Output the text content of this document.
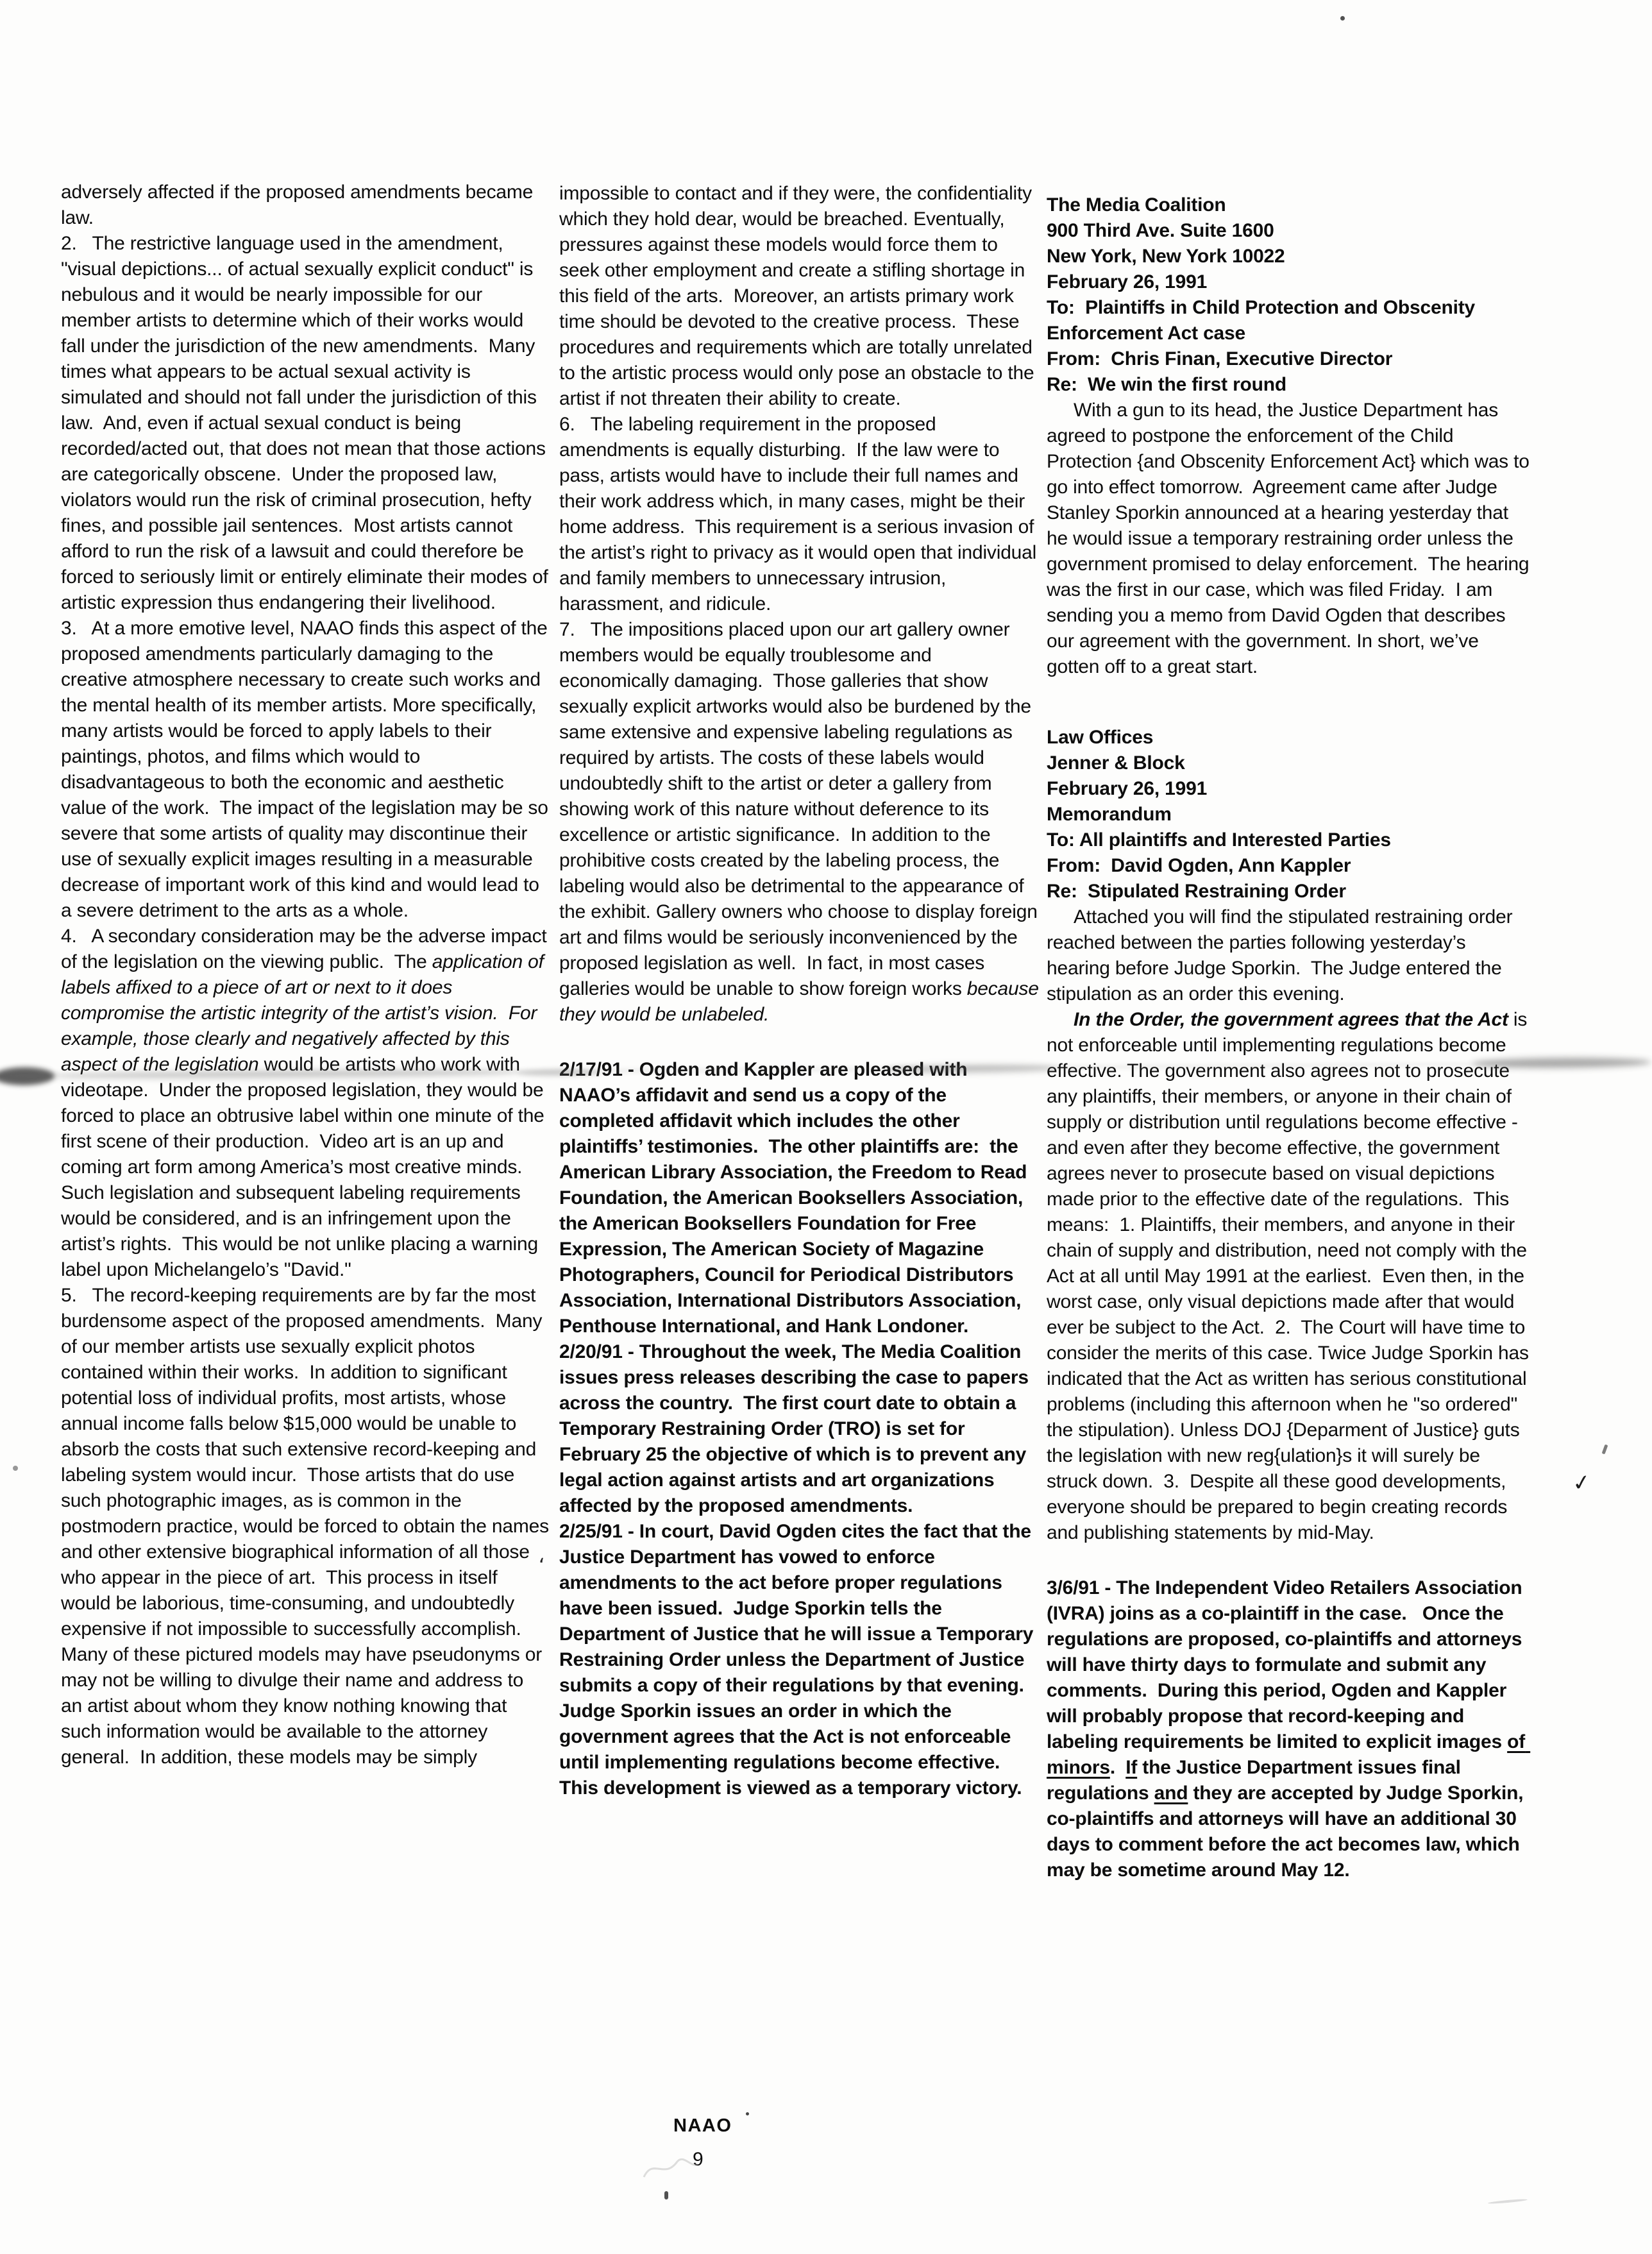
adversely affected if the proposed amendments became law.

2.   The restrictive language used in the amendment, "visual depictions... of actual sexually explicit conduct" is nebulous and it would be nearly impossible for our member artists to determine which of their works would fall under the jurisdiction of the new amendments.  Many times what appears to be actual sexual activity is simulated and should not fall under the jurisdiction of this law.  And, even if actual sexual conduct is being recorded/acted out, that does not mean that those actions are categorically obscene.  Under the proposed law, violators would run the risk of criminal prosecution, hefty fines, and possible jail sentences.  Most artists cannot afford to run the risk of a lawsuit and could therefore be forced to seriously limit or entirely eliminate their modes of artistic expression thus endangering their livelihood.

3.   At a more emotive level, NAAO finds this aspect of the proposed amendments particularly damaging to the creative atmosphere necessary to create such works and the mental health of its member artists. More specifically, many artists would be forced to apply labels to their paintings, photos, and films which would to disadvantageous to both the economic and aesthetic value of the work.  The impact of the legislation may be so severe that some artists of quality may discontinue their use of sexually explicit images resulting in a measurable decrease of important work of this kind and would lead to a severe detriment to the arts as a whole.

4.   A secondary consideration may be the adverse impact of the legislation on the viewing public.  The application of labels affixed to a piece of art or next to it does compromise the artistic integrity of the artist’s vision.  For example, those clearly and negatively affected by this aspect of the legislation would be artists who work with videotape.  Under the proposed legislation, they would be forced to place an obtrusive label within one minute of the first scene of their production.  Video art is an up and coming art form among America’s most creative minds.  Such legislation and subsequent labeling requirements would be considered, and is an infringement upon the artist’s rights.  This would be not unlike placing a warning label upon Michelangelo’s "David."

5.   The record-keeping requirements are by far the most burdensome aspect of the proposed amendments.  Many of our member artists use sexually explicit photos contained within their works.  In addition to significant potential loss of individual profits, most artists, whose annual income falls below $15,000 would be unable to absorb the costs that such extensive record-keeping and labeling system would incur.  Those artists that do use such photographic images, as is common in the postmodern practice, would be forced to obtain the names and other extensive biographical information of all those who appear in the piece of art.  This process in itself would be laborious, time-consuming, and undoubtedly expensive if not impossible to successfully accomplish.  Many of these pictured models may have pseudonyms or may not be willing to divulge their name and address to an artist about whom they know nothing knowing that such information would be available to the attorney general.  In addition, these models may be simply

impossible to contact and if they were, the confidentiality which they hold dear, would be breached. Eventually, pressures against these models would force them to seek other employment and create a stifling shortage in this field of the arts.  Moreover, an artists primary work time should be devoted to the creative process.  These procedures and requirements which are totally unrelated to the artistic process would only pose an obstacle to the artist if not threaten their ability to create.

6.   The labeling requirement in the proposed amendments is equally disturbing.  If the law were to pass, artists would have to include their full names and their work address which, in many cases, might be their home address.  This requirement is a serious invasion of the artist’s right to privacy as it would open that individual and family members to unnecessary intrusion, harassment, and ridicule.

7.   The impositions placed upon our art gallery owner members would be equally troublesome and economically damaging.  Those galleries that show sexually explicit artworks would also be burdened by the same extensive and expensive labeling regulations as required by artists. The costs of these labels would undoubtedly shift to the artist or deter a gallery from showing work of this nature without deference to its excellence or artistic significance.  In addition to the prohibitive costs created by the labeling process, the labeling would also be detrimental to the appearance of the exhibit. Gallery owners who choose to display foreign art and films would be seriously inconvenienced by the proposed legislation as well.  In fact, in most cases galleries would be unable to show foreign works because they would be unlabeled.

2/17/91 - Ogden and Kappler are pleased with NAAO’s affidavit and send us a copy of the completed affidavit which includes the other plaintiffs’ testimonies.  The other plaintiffs are:  the American Library Association, the Freedom to Read Foundation, the American Booksellers Association, the American Booksellers Foundation for Free Expression, The American Society of Magazine Photographers, Council for Periodical Distributors Association, International Distributors Association, Penthouse International, and Hank Londoner.

2/20/91 - Throughout the week, The Media Coalition issues press releases describing the case to papers across the country.  The first court date to obtain a Temporary Restraining Order (TRO) is set for February 25 the objective of which is to prevent any legal action against artists and art organizations affected by the proposed amendments.

2/25/91 - In court, David Ogden cites the fact that the Justice Department has vowed to enforce amendments to the act before proper regulations have been issued.  Judge Sporkin tells the Department of Justice that he will issue a Temporary Restraining Order unless the Department of Justice submits a copy of their regulations by that evening. Judge Sporkin issues an order in which the government agrees that the Act is not enforceable until implementing regulations become effective.  This development is viewed as a temporary victory.

The Media Coalition
900 Third Ave. Suite 1600
New York, New York 10022
February 26, 1991
To:  Plaintiffs in Child Protection and Obscenity Enforcement Act case
From:  Chris Finan, Executive Director
Re:  We win the first round

With a gun to its head, the Justice Department has agreed to postpone the enforcement of the Child Protection {and Obscenity Enforcement Act} which was to go into effect tomorrow.  Agreement came after Judge Stanley Sporkin announced at a hearing yesterday that he would issue a temporary restraining order unless the government promised to delay enforcement.  The hearing was the first in our case, which was filed Friday.  I am sending you a memo from David Ogden that describes our agreement with the government. In short, we’ve gotten off to a great start.

Law Offices
Jenner & Block
February 26, 1991
Memorandum
To: All plaintiffs and Interested Parties
From:  David Ogden, Ann Kappler
Re:  Stipulated Restraining Order

Attached you will find the stipulated restraining order reached between the parties following yesterday’s hearing before Judge Sporkin.  The Judge entered the stipulation as an order this evening.

In the Order, the government agrees that the Act is not enforceable until implementing regulations become effective. The government also agrees not to prosecute any plaintiffs, their members, or anyone in their chain of supply or distribution until regulations become effective - and even after they become effective, the government agrees never to prosecute based on visual depictions made prior to the effective date of the regulations.  This means:  1. Plaintiffs, their members, and anyone in their chain of supply and distribution, need not comply with the Act at all until May 1991 at the earliest.  Even then, in the worst case, only visual depictions made after that would ever be subject to the Act.  2.  The Court will have time to consider the merits of this case. Twice Judge Sporkin has indicated that the Act as written has serious constitutional problems (including this afternoon when he "so ordered" the stipulation). Unless DOJ {Deparment of Justice} guts the legislation with new reg{ulation}s it will surely be struck down.  3.  Despite all these good developments, everyone should be prepared to begin creating records and publishing statements by mid-May.

3/6/91 - The Independent Video Retailers Association (IVRA) joins as a co-plaintiff in the case.   Once the regulations are proposed, co-plaintiffs and attorneys will have thirty days to formulate and submit any comments.  During this period, Ogden and Kappler will probably propose that record-keeping and labeling requirements be limited to explicit images of minors.  If the Justice Department issues final regulations and they are accepted by Judge Sporkin, co-plaintiffs and attorneys will have an additional 30 days to comment before the act becomes law, which may be sometime around May 12.

NAAO
9
✓
ʻ
